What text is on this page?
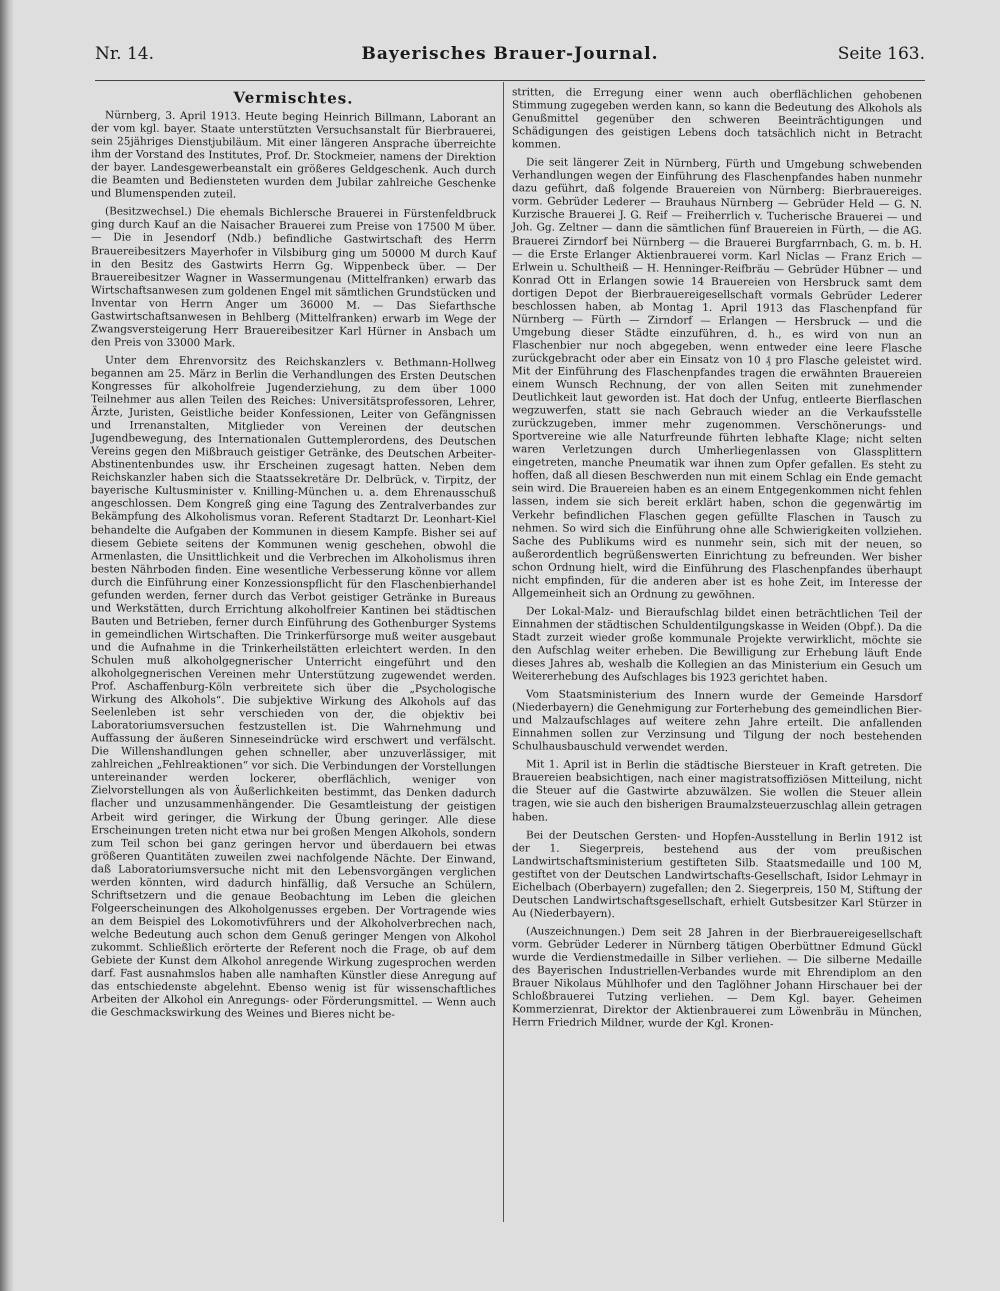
Nr. 14.	Bayerisches Brauer-Journal.	Seite 163.
Vermischtes.

Nürnberg, 3. April 1913. Heute beging Heinrich Billmann, Laborant an der vom kgl. bayer. Staate unterstützten Versuchsanstalt für Bierbrauerei, sein 25jähriges Dienstjubiläum. Mit einer längeren Ansprache überreichte ihm der Vorstand des Institutes, Prof. Dr. Stockmeier, namens der Direktion der bayer. Landesgewerbeanstalt ein größeres Geldgeschenk. Auch durch die Beamten und Bediensteten wurden dem Jubilar zahlreiche Geschenke und Blumenspenden zuteil.

(Besitzwechsel.) Die ehemals Bichlersche Brauerei in Fürstenfeldbruck ging durch Kauf an die Naisacher Brauerei zum Preise von 17500 M über. — Die in Jesendorf (Ndb.) befindliche Gastwirtschaft des Herrn Brauereibesitzers Mayerhofer in Vilsbiburg ging um 50000 M durch Kauf in den Besitz des Gastwirts Herrn Gg. Wippenbeck über. — Der Brauereibesitzer Wagner in Wassermungenau (Mittelfranken) erwarb das Wirtschaftsanwesen zum goldenen Engel mit sämtlichen Grundstücken und Inventar von Herrn Anger um 36000 M. — Das Siefarthsche Gastwirtschaftsanwesen in Behlberg (Mittelfranken) erwarb im Wege der Zwangsversteigerung Herr Brauereibesitzer Karl Hürner in Ansbach um den Preis von 33000 Mark.

Unter dem Ehrenvorsitz des Reichskanzlers v. Bethmann-Hollweg begannen am 25. März in Berlin die Verhandlungen des Ersten Deutschen Kongresses für alkoholfreie Jugenderziehung, zu dem über 1000 Teilnehmer aus allen Teilen des Reiches: Universitätsprofessoren, Lehrer, Ärzte, Juristen, Geistliche beider Konfessionen, Leiter von Gefängnissen und Irrenanstalten, Mitglieder von Vereinen der deutschen Jugendbewegung, des Internationalen Guttemplerordens, des Deutschen Vereins gegen den Mißbrauch geistiger Getränke, des Deutschen Arbeiter-Abstinentenbundes usw. ihr Erscheinen zugesagt hatten. Neben dem Reichskanzler haben sich die Staatssekretäre Dr. Delbrück, v. Tirpitz, der bayerische Kultusminister v. Knilling-München u. a. dem Ehrenausschuß angeschlossen. Dem Kongreß ging eine Tagung des Zentralverbandes zur Bekämpfung des Alkoholismus voran. Referent Stadtarzt Dr. Leonhart-Kiel behandelte die Aufgaben der Kommunen in diesem Kampfe. Bisher sei auf diesem Gebiete seitens der Kommunen wenig geschehen, obwohl die Armenlasten, die Unsittlichkeit und die Verbrechen im Alkoholismus ihren besten Nährboden finden. Eine wesentliche Verbesserung könne vor allem durch die Einführung einer Konzessionspflicht für den Flaschenbierhandel gefunden werden, ferner durch das Verbot geistiger Getränke in Bureaus und Werkstätten, durch Errichtung alkoholfreier Kantinen bei städtischen Bauten und Betrieben, ferner durch Einführung des Gothenburger Systems in gemeindlichen Wirtschaften. Die Trinkerfürsorge muß weiter ausgebaut und die Aufnahme in die Trinkerheilstätten erleichtert werden. In den Schulen muß alkoholgegnerischer Unterricht eingeführt und den alkoholgegnerischen Vereinen mehr Unterstützung zugewendet werden. Prof. Aschaffenburg-Köln verbreitete sich über die „Psychologische Wirkung des Alkohols“. Die subjektive Wirkung des Alkohols auf das Seelenleben ist sehr verschieden von der, die objektiv bei Laboratoriumsversuchen festzustellen ist. Die Wahrnehmung und Auffassung der äußeren Sinneseindrücke wird erschwert und verfälscht. Die Willenshandlungen gehen schneller, aber unzuverlässiger, mit zahlreichen „Fehlreaktionen“ vor sich. Die Verbindungen der Vorstellungen untereinander werden lockerer, oberflächlich, weniger von Zielvorstellungen als von Äußerlichkeiten bestimmt, das Denken dadurch flacher und unzusammenhängender. Die Gesamtleistung der geistigen Arbeit wird geringer, die Wirkung der Übung geringer. Alle diese Erscheinungen treten nicht etwa nur bei großen Mengen Alkohols, sondern zum Teil schon bei ganz geringen hervor und überdauern bei etwas größeren Quantitäten zuweilen zwei nachfolgende Nächte. Der Einwand, daß Laboratoriumsversuche nicht mit den Lebensvorgängen verglichen werden könnten, wird dadurch hinfällig, daß Versuche an Schülern, Schriftsetzern und die genaue Beobachtung im Leben die gleichen Folgeerscheinungen des Alkoholgenusses ergeben. Der Vortragende wies an dem Beispiel des Lokomotivführers und der Alkoholverbrechen nach, welche Bedeutung auch schon dem Genuß geringer Mengen von Alkohol zukommt. Schließlich erörterte der Referent noch die Frage, ob auf dem Gebiete der Kunst dem Alkohol anregende Wirkung zugesprochen werden darf. Fast ausnahmslos haben alle namhaften Künstler diese Anregung auf das entschiedenste abgelehnt. Ebenso wenig ist für wissenschaftliches Arbeiten der Alkohol ein Anregungs- oder Förderungsmittel. — Wenn auch die Geschmackswirkung des Weines und Bieres nicht be-

stritten, die Erregung einer wenn auch oberflächlichen gehobenen Stimmung zugegeben werden kann, so kann die Bedeutung des Alkohols als Genußmittel gegenüber den schweren Beeinträchtigungen und Schädigungen des geistigen Lebens doch tatsächlich nicht in Betracht kommen.

Die seit längerer Zeit in Nürnberg, Fürth und Umgebung schwebenden Verhandlungen wegen der Einführung des Flaschenpfandes haben nunmehr dazu geführt, daß folgende Brauereien von Nürnberg: Bierbrauereiges. vorm. Gebrüder Lederer — Brauhaus Nürnberg — Gebrüder Held — G. N. Kurzische Brauerei J. G. Reif — Freiherrlich v. Tucherische Brauerei — und Joh. Gg. Zeltner — dann die sämtlichen fünf Brauereien in Fürth, — die AG. Brauerei Zirndorf bei Nürnberg — die Brauerei Burgfarrnbach, G. m. b. H. — die Erste Erlanger Aktienbrauerei vorm. Karl Niclas — Franz Erich — Erlwein u. Schultheiß — H. Henninger-Reifbräu — Gebrüder Hübner — und Konrad Ott in Erlangen sowie 14 Brauereien von Hersbruck samt dem dortigen Depot der Bierbrauereigesellschaft vormals Gebrüder Lederer beschlossen haben, ab Montag 1. April 1913 das Flaschenpfand für Nürnberg — Fürth — Zirndorf — Erlangen — Hersbruck — und die Umgebung dieser Städte einzuführen, d. h., es wird von nun an Flaschenbier nur noch abgegeben, wenn entweder eine leere Flasche zurückgebracht oder aber ein Einsatz von 10 ₰ pro Flasche geleistet wird. Mit der Einführung des Flaschenpfandes tragen die erwähnten Brauereien einem Wunsch Rechnung, der von allen Seiten mit zunehmender Deutlichkeit laut geworden ist. Hat doch der Unfug, entleerte Bierflaschen wegzuwerfen, statt sie nach Gebrauch wieder an die Verkaufsstelle zurückzugeben, immer mehr zugenommen. Verschönerungs- und Sportvereine wie alle Naturfreunde führten lebhafte Klage; nicht selten waren Verletzungen durch Umherliegenlassen von Glassplittern eingetreten, manche Pneumatik war ihnen zum Opfer gefallen. Es steht zu hoffen, daß all diesen Beschwerden nun mit einem Schlag ein Ende gemacht sein wird. Die Brauereien haben es an einem Entgegenkommen nicht fehlen lassen, indem sie sich bereit erklärt haben, schon die gegenwärtig im Verkehr befindlichen Flaschen gegen gefüllte Flaschen in Tausch zu nehmen. So wird sich die Einführung ohne alle Schwierigkeiten vollziehen. Sache des Publikums wird es nunmehr sein, sich mit der neuen, so außerordentlich begrüßenswerten Einrichtung zu befreunden. Wer bisher schon Ordnung hielt, wird die Einführung des Flaschenpfandes überhaupt nicht empfinden, für die anderen aber ist es hohe Zeit, im Interesse der Allgemeinheit sich an Ordnung zu gewöhnen.

Der Lokal-Malz- und Bieraufschlag bildet einen beträchtlichen Teil der Einnahmen der städtischen Schuldentilgungskasse in Weiden (Obpf.). Da die Stadt zurzeit wieder große kommunale Projekte verwirklicht, möchte sie den Aufschlag weiter erheben. Die Bewilligung zur Erhebung läuft Ende dieses Jahres ab, weshalb die Kollegien an das Ministerium ein Gesuch um Weitererhebung des Aufschlages bis 1923 gerichtet haben.

Vom Staatsministerium des Innern wurde der Gemeinde Harsdorf (Niederbayern) die Genehmigung zur Forterhebung des gemeindlichen Bier- und Malzaufschlages auf weitere zehn Jahre erteilt. Die anfallenden Einnahmen sollen zur Verzinsung und Tilgung der noch bestehenden Schulhausbauschuld verwendet werden.

Mit 1. April ist in Berlin die städtische Biersteuer in Kraft getreten. Die Brauereien beabsichtigen, nach einer magistratsoffiziösen Mitteilung, nicht die Steuer auf die Gastwirte abzuwälzen. Sie wollen die Steuer allein tragen, wie sie auch den bisherigen Braumalzsteuerzuschlag allein getragen haben.

Bei der Deutschen Gersten- und Hopfen-Ausstellung in Berlin 1912 ist der 1. Siegerpreis, bestehend aus der vom preußischen Landwirtschaftsministerium gestifteten Silb. Staatsmedaille und 100 M, gestiftet von der Deutschen Landwirtschafts-Gesellschaft, Isidor Lehmayr in Eichelbach (Oberbayern) zugefallen; den 2. Siegerpreis, 150 M, Stiftung der Deutschen Landwirtschaftsgesellschaft, erhielt Gutsbesitzer Karl Stürzer in Au (Niederbayern).

(Auszeichnungen.) Dem seit 28 Jahren in der Bierbrauereigesellschaft vorm. Gebrüder Lederer in Nürnberg tätigen Oberbüttner Edmund Gückl wurde die Verdienstmedaille in Silber verliehen. — Die silberne Medaille des Bayerischen Industriellen-Verbandes wurde mit Ehrendiplom an den Brauer Nikolaus Mühlhofer und den Taglöhner Johann Hirschauer bei der Schloßbrauerei Tutzing verliehen. — Dem Kgl. bayer. Geheimen Kommerzienrat, Direktor der Aktienbrauerei zum Löwenbräu in München, Herrn Friedrich Mildner, wurde der Kgl. Kronen-
